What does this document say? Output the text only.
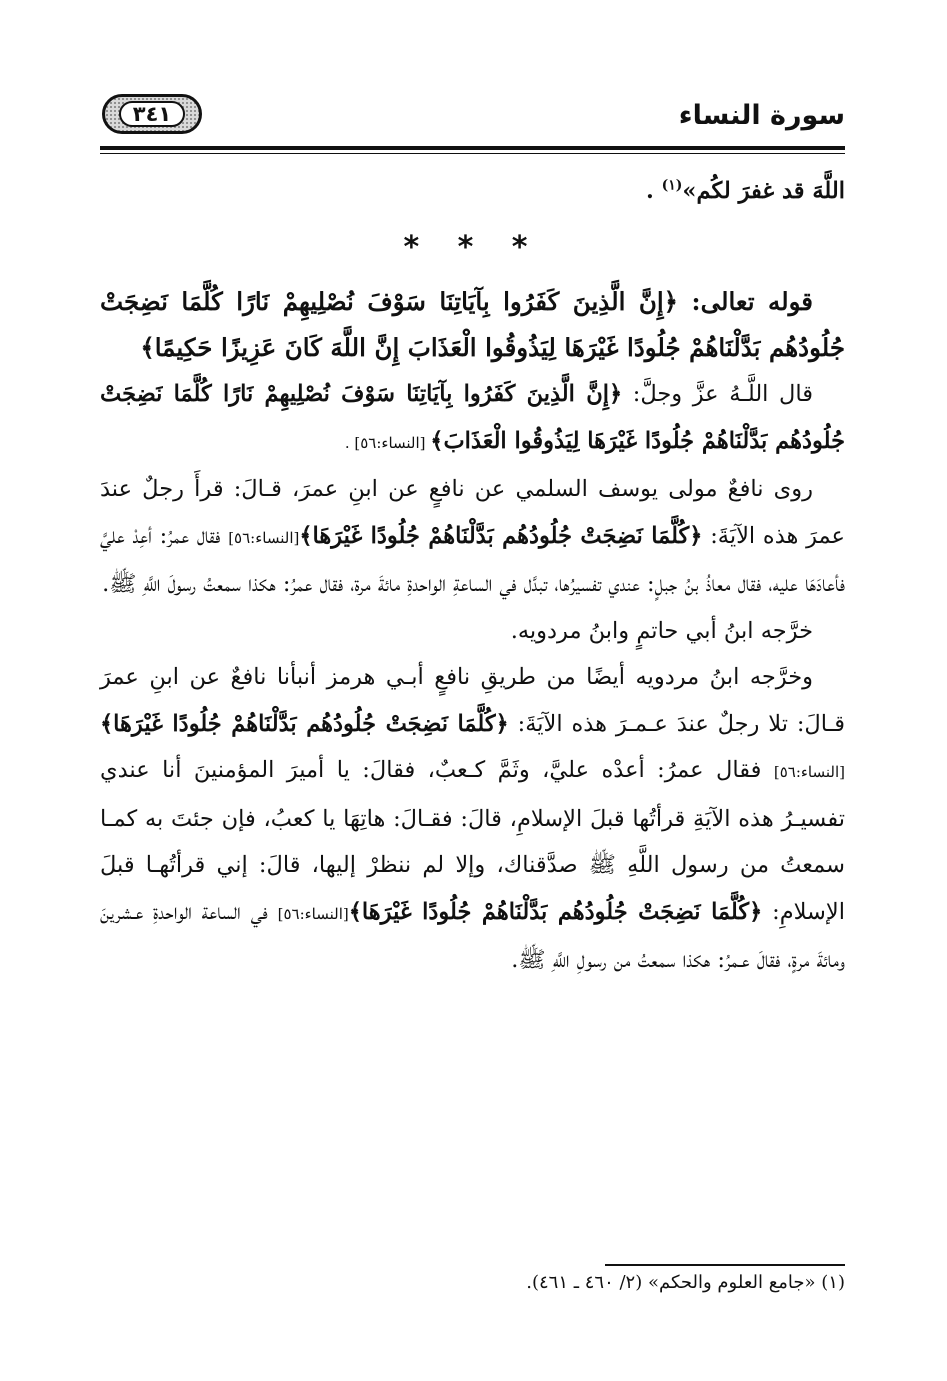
سورة النساء
٣٤١

اللَّهَ قد غفرَ لكُم»$^{(١)}$ .

* * *

قوله تعالى: ﴿إِنَّ الَّذِينَ كَفَرُوا بِآيَاتِنَا سَوْفَ نُصْلِيهِمْ نَارًا كُلَّمَا نَضِجَتْ جُلُودُهُم بَدَّلْنَاهُمْ جُلُودًا غَيْرَهَا لِيَذُوقُوا الْعَذَابَ إِنَّ اللَّهَ كَانَ عَزِيزًا حَكِيمًا﴾

قال اللَّـهُ عزَّ وجلَّ: ﴿إِنَّ الَّذِينَ كَفَرُوا بِآيَاتِنَا سَوْفَ نُصْلِيهِمْ نَارًا كُلَّمَا نَضِجَتْ جُلُودُهُم بَدَّلْنَاهُمْ جُلُودًا غَيْرَهَا لِيَذُوقُوا الْعَذَابَ﴾ [النساء:٥٦] .

روى نافعٌ مولى يوسف السلمي عن نافعٍ عن ابنِ عمرَ، قـالَ: قرأَ رجلٌ عندَ عمرَ هذه الآيَةَ: ﴿كُلَّمَا نَضِجَتْ جُلُودُهُم بَدَّلْنَاهُمْ جُلُودًا غَيْرَهَا﴾[النساء:٥٦] فقال عمرُ: أعِدْ عليَّ فأعادَهَا عليه، فقال معاذُ بنُ جبلٍ: عندي تفسيرُها، تبدَّل في الساعةِ الواحدةِ مائةَ مرة، فقال عمرُ: هكذا سمعتُ رسولَ اللَّهِ ﷺ.

خرَّجه ابنُ أبي حاتمٍ وابنُ مردويه.

وخرَّجه ابنُ مردويه أيضًا من طريقِ نافعٍ أبـي هرمز أنبأنا نافعٌ عن ابنِ عمرَ قـالَ: تلا رجلٌ عندَ عـمـرَ هذه الآيَةَ: ﴿كُلَّمَا نَضِجَتْ جُلُودُهُم بَدَّلْنَاهُمْ جُلُودًا غَيْرَهَا﴾[النساء:٥٦] فقال عمرُ: أعدْه عليَّ، وثَمَّ كـعبٌ، فقالَ: يا أميرَ المؤمنينَ أنا عندي تفسيـرُ هذه الآيَةِ قرأتُها قبلَ الإسلامِ، قالَ: فقـالَ: هاتِهَا يا كعبُ، فإن جئتَ به كمـا سمعتُ من رسول اللَّهِ ﷺ صدَّقناك، وإلا لم ننظرْ إليها، قالَ: إني قرأتُهـا قبلَ الإسلامِ: ﴿كُلَّمَا نَضِجَتْ جُلُودُهُم بَدَّلْنَاهُمْ جُلُودًا غَيْرَهَا﴾[النساء:٥٦] في الساعة الواحدةِ عـشرينَ ومائةَ مرةٍ، فقالَ عـمرُ: هكذا سمعتُ من رسولِ اللَّهِ ﷺ.

(١) «جامع العلوم والحكم» (٢/ ٤٦٠ ـ ٤٦١).
